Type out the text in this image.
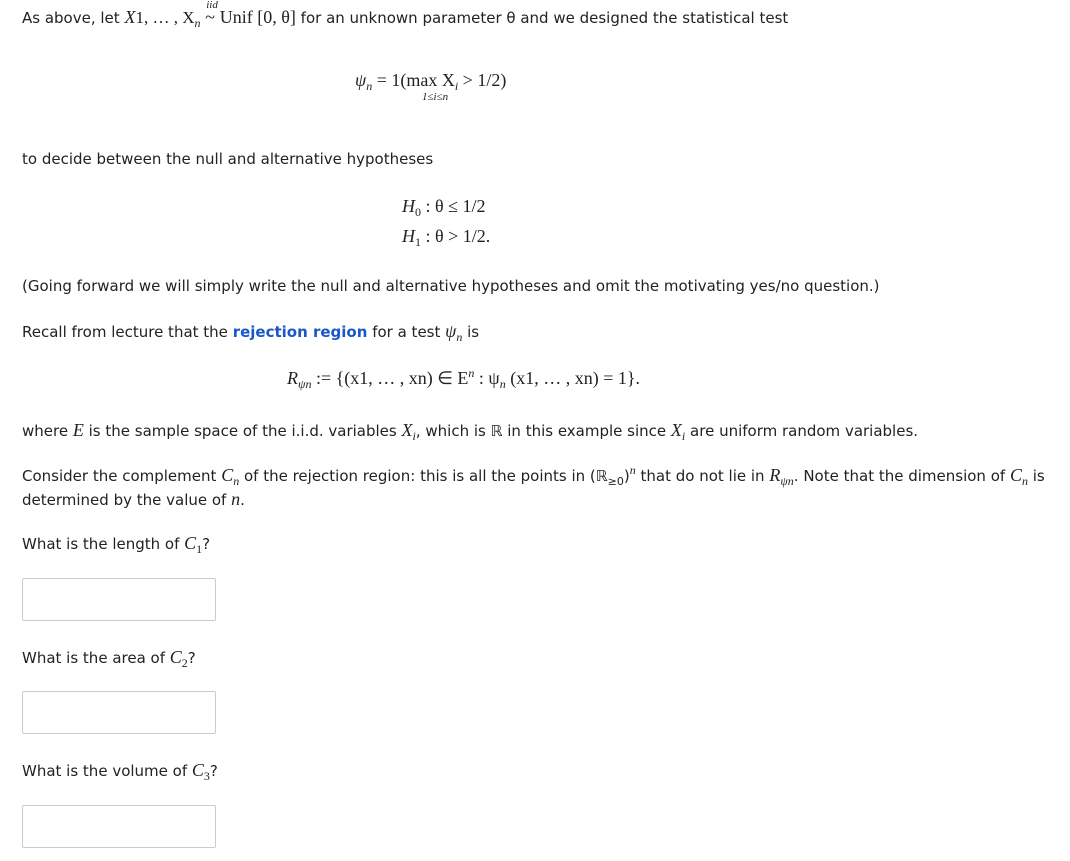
As above, let X1, … , $X_n$
iid
~ Unif [0, θ] for an unknown parameter θ and we designed the statistical test

$\psi_n = 1(\max$ $X_i > 1/2$)
1≤i≤n

to decide between the null and alternative hypotheses

$H_0$ : θ ≤ 1/2
$H_1$ : θ > 1/2.

(Going forward we will simply write the null and alternative hypotheses and omit the motivating yes/no question.)

Recall from lecture that the rejection region for a test $\psi_n$ is

$R_{\psi n}$ := {(x1, … , xn) ∈ $E^n$ : $\psi_n$ (x1, … , xn) = 1}.

where E is the sample space of the i.i.d. variables $X_i$, which is ℝ in this example since $X_i$ are uniform random variables.

Consider the complement $C_n$ of the rejection region: this is all the points in (ℝ$_{\ge 0}$)$^n$ that do not lie in $R_{\psi n}$. Note that the dimension of $C_n$ is

determined by the value of n.

What is the length of $C_1$?

What is the area of $C_2$?

What is the volume of $C_3$?
